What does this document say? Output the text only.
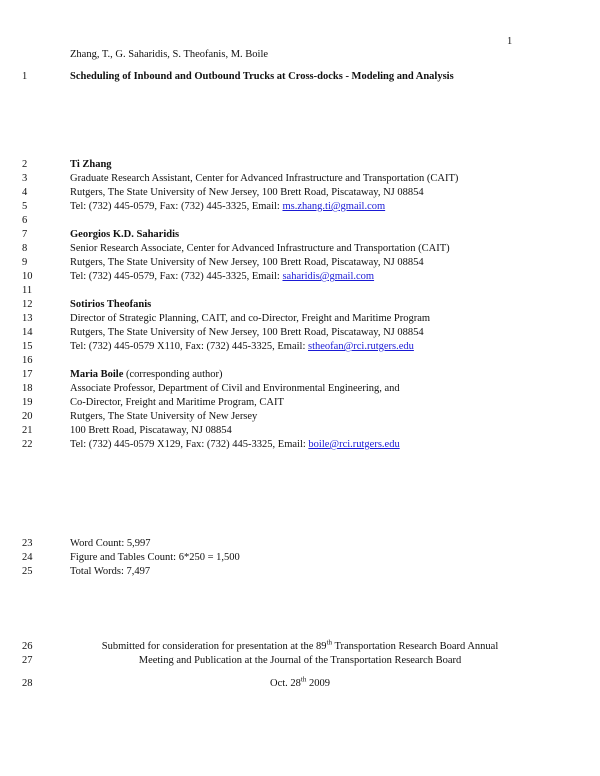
1
Zhang, T., G. Saharidis, S. Theofanis, M. Boile
1	Scheduling of Inbound and Outbound Trucks at Cross-docks - Modeling and Analysis
2	Ti Zhang
3	Graduate Research Assistant, Center for Advanced Infrastructure and Transportation (CAIT)
4	Rutgers, The State University of New Jersey, 100 Brett Road, Piscataway, NJ 08854
5	Tel: (732) 445-0579, Fax: (732) 445-3325, Email: ms.zhang.ti@gmail.com
6
7	Georgios K.D. Saharidis
8	Senior Research Associate, Center for Advanced Infrastructure and Transportation (CAIT)
9	Rutgers, The State University of New Jersey, 100 Brett Road, Piscataway, NJ 08854
10	Tel: (732) 445-0579, Fax: (732) 445-3325, Email: saharidis@gmail.com
11
12	Sotirios Theofanis
13	Director of Strategic Planning, CAIT, and co-Director, Freight and Maritime Program
14	Rutgers, The State University of New Jersey, 100 Brett Road, Piscataway, NJ 08854
15	Tel: (732) 445-0579 X110, Fax: (732) 445-3325, Email: stheofan@rci.rutgers.edu
16
17	Maria Boile (corresponding author)
18	Associate Professor, Department of Civil and Environmental Engineering, and
19	Co-Director, Freight and Maritime Program, CAIT
20	Rutgers, The State University of New Jersey
21	100 Brett Road, Piscataway, NJ 08854
22	Tel: (732) 445-0579 X129, Fax: (732) 445-3325, Email: boile@rci.rutgers.edu
23	Word Count: 5,997
24	Figure and Tables Count: 6*250 = 1,500
25	Total Words: 7,497
26	Submitted for consideration for presentation at the 89th Transportation Research Board Annual
27	Meeting and Publication at the Journal of the Transportation Research Board
28	Oct. 28th 2009
